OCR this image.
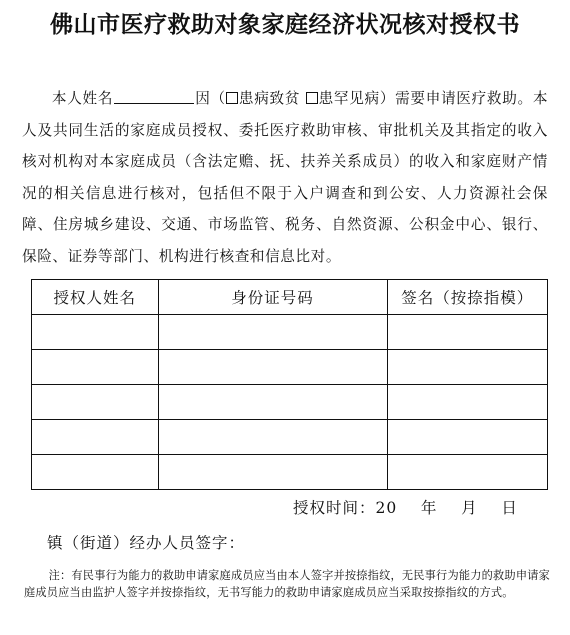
佛山市医疗救助对象家庭经济状况核对授权书
本人姓名	因（ 患病致贫 患罕见病）需要申请医疗救助。本人及共同生活的家庭成员授权、委托医疗救助审核、审批机关及其指定的收入核对机构对本家庭成员（含法定赡、抚、扶养关系成员）的收入和家庭财产情况的相关信息进行核对，包括但不限于入户调查和到公安、人力资源社会保障、住房城乡建设、交通、市场监管、税务、自然资源、公积金中心、银行、保险、证券等部门、机构进行核查和信息比对。
授权人姓名	身份证号码	签名（按捺指模）

授权时间：20    年    月    日
镇（街道）经办人员签字：
注：有民事行为能力的救助申请家庭成员应当由本人签字并按捺指纹，无民事行为能力的救助申请家庭成员应当由监护人签字并按捺指纹，无书写能力的救助申请家庭成员应当采取按捺指纹的方式。
